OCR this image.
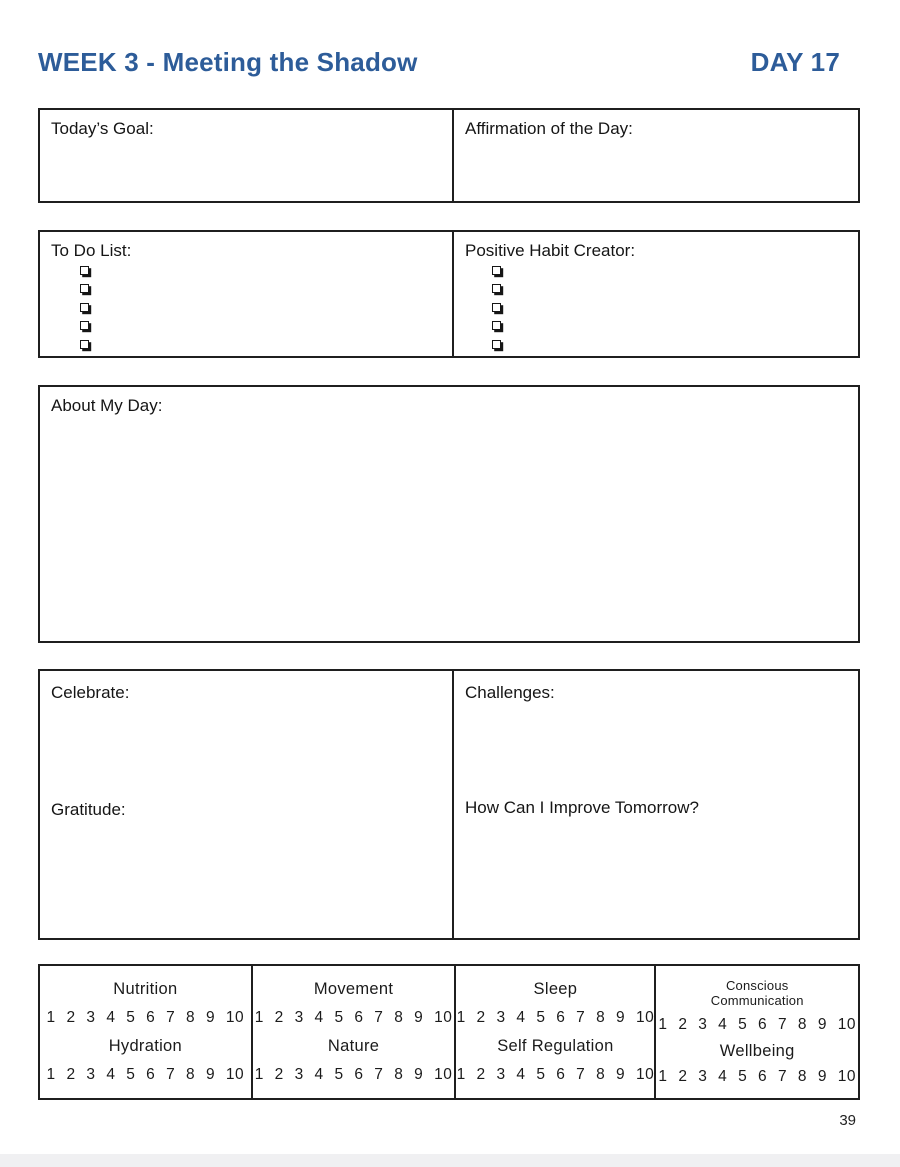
WEEK 3 - Meeting the Shadow	DAY 17
Today’s Goal:	Affirmation of the Day:
To Do List:	Positive Habit Creator:
About My Day:
Celebrate:
Gratitude:
Challenges:
How Can I Improve Tomorrow?
Nutrition
1 2 3 4 5 6 7 8 9 10
Hydration
1 2 3 4 5 6 7 8 9 10
Movement
1 2 3 4 5 6 7 8 9 10
Nature
1 2 3 4 5 6 7 8 9 10
Sleep
1 2 3 4 5 6 7 8 9 10
Self Regulation
1 2 3 4 5 6 7 8 9 10
Conscious Communication
1 2 3 4 5 6 7 8 9 10
Wellbeing
1 2 3 4 5 6 7 8 9 10
39
